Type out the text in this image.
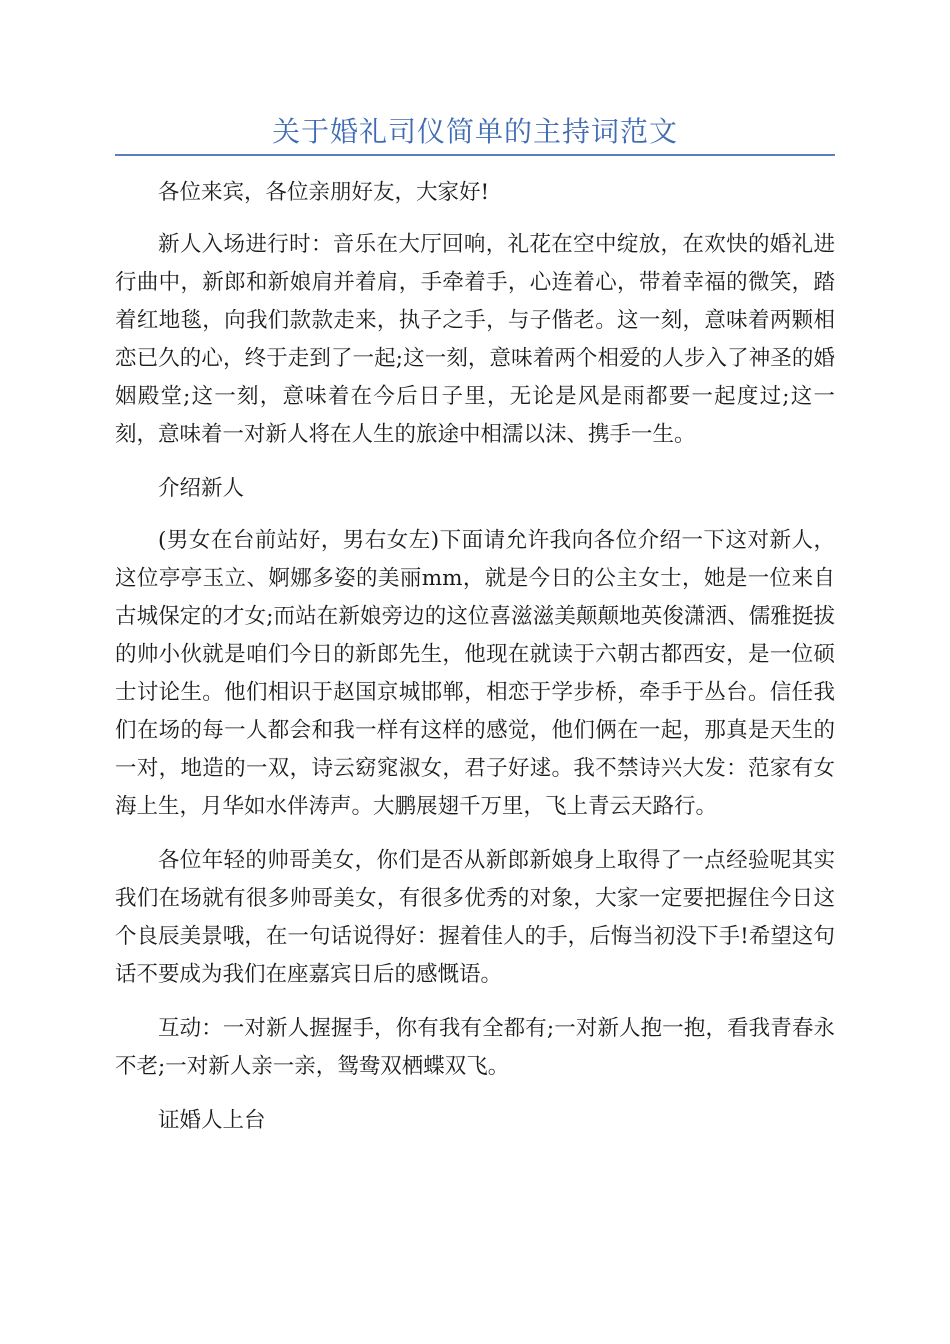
关于婚礼司仪简单的主持词范文

各位来宾，各位亲朋好友，大家好!

新人入场进行时：音乐在大厅回响，礼花在空中绽放，在欢快的婚礼进行曲中，新郎和新娘肩并着肩，手牵着手，心连着心，带着幸福的微笑，踏着红地毯，向我们款款走来，执子之手，与子偕老。这一刻，意味着两颗相恋已久的心，终于走到了一起;这一刻，意味着两个相爱的人步入了神圣的婚姻殿堂;这一刻，意味着在今后日子里，无论是风是雨都要一起度过;这一刻，意味着一对新人将在人生的旅途中相濡以沫、携手一生。

介绍新人

(男女在台前站好，男右女左)下面请允许我向各位介绍一下这对新人，这位亭亭玉立、婀娜多姿的美丽mm，就是今日的公主女士，她是一位来自古城保定的才女;而站在新娘旁边的这位喜滋滋美颠颠地英俊潇洒、儒雅挺拔的帅小伙就是咱们今日的新郎先生，他现在就读于六朝古都西安，是一位硕士讨论生。他们相识于赵国京城邯郸，相恋于学步桥，牵手于丛台。信任我们在场的每一人都会和我一样有这样的感觉，他们俩在一起，那真是天生的一对，地造的一双，诗云窈窕淑女，君子好逑。我不禁诗兴大发：范家有女海上生，月华如水伴涛声。大鹏展翅千万里，飞上青云天路行。

各位年轻的帅哥美女，你们是否从新郎新娘身上取得了一点经验呢其实我们在场就有很多帅哥美女，有很多优秀的对象，大家一定要把握住今日这个良辰美景哦，在一句话说得好：握着佳人的手，后悔当初没下手!希望这句话不要成为我们在座嘉宾日后的感慨语。

互动：一对新人握握手，你有我有全都有;一对新人抱一抱，看我青春永不老;一对新人亲一亲，鸳鸯双栖蝶双飞。

证婚人上台
